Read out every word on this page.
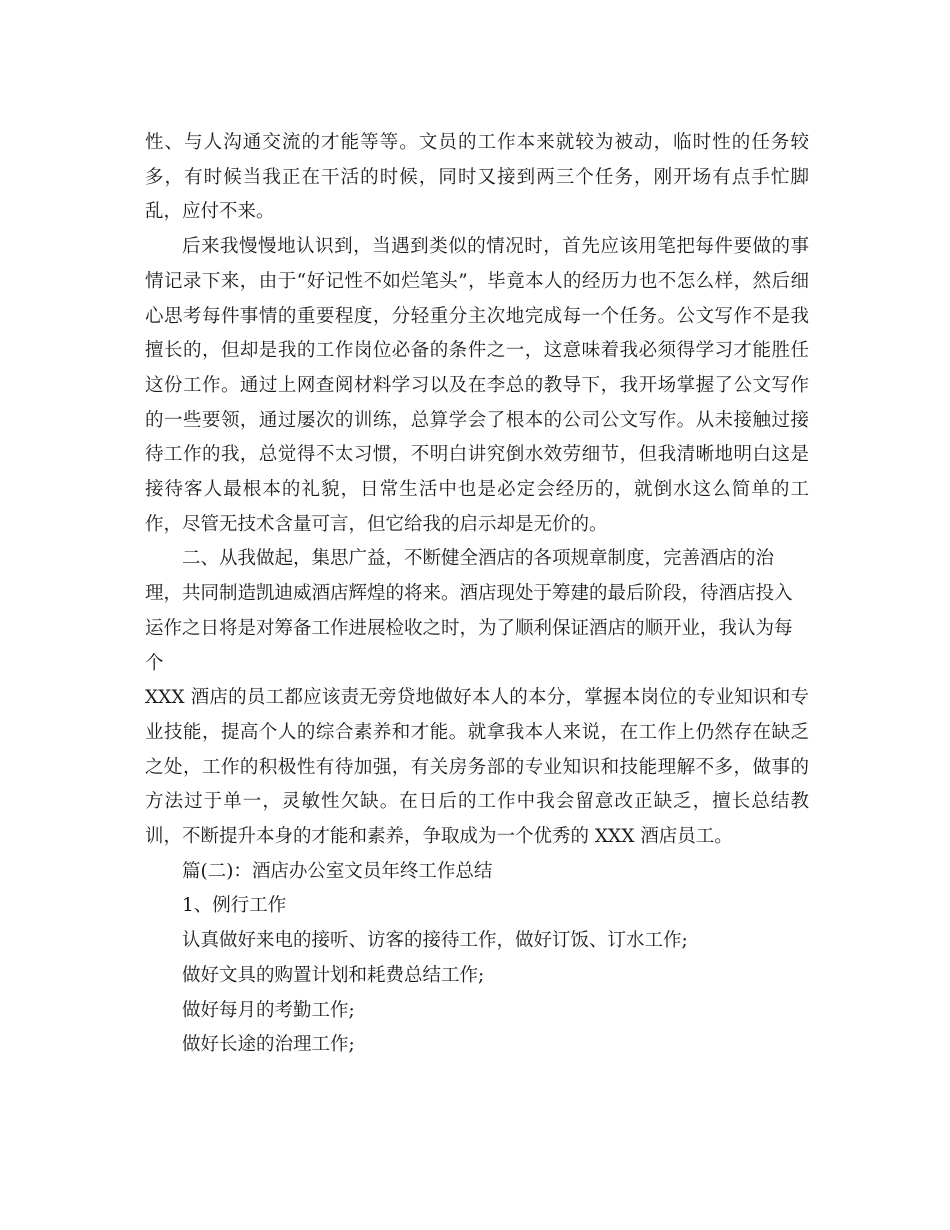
性、与人沟通交流的才能等等。文员的工作本来就较为被动，临时性的任务较多，有时候当我正在干活的时候，同时又接到两三个任务，刚开场有点手忙脚乱，应付不来。

后来我慢慢地认识到，当遇到类似的情况时，首先应该用笔把每件要做的事情记录下来，由于“好记性不如烂笔头”，毕竟本人的经历力也不怎么样，然后细心思考每件事情的重要程度，分轻重分主次地完成每一个任务。公文写作不是我擅长的，但却是我的工作岗位必备的条件之一，这意味着我必须得学习才能胜任这份工作。通过上网查阅材料学习以及在李总的教导下，我开场掌握了公文写作的一些要领，通过屡次的训练，总算学会了根本的公司公文写作。从未接触过接待工作的我，总觉得不太习惯，不明白讲究倒水效劳细节，但我清晰地明白这是接待客人最根本的礼貌，日常生活中也是必定会经历的，就倒水这么简单的工作，尽管无技术含量可言，但它给我的启示却是无价的。

二、从我做起，集思广益，不断健全酒店的各项规章制度，完善酒店的治理，共同制造凯迪威酒店辉煌的将来。酒店现处于筹建的最后阶段，待酒店投入运作之日将是对筹备工作进展检收之时，为了顺利保证酒店的顺开业，我认为每个

XXX 酒店的员工都应该责无旁贷地做好本人的本分，掌握本岗位的专业知识和专业技能，提高个人的综合素养和才能。就拿我本人来说，在工作上仍然存在缺乏之处，工作的积极性有待加强，有关房务部的专业知识和技能理解不多，做事的方法过于单一，灵敏性欠缺。在日后的工作中我会留意改正缺乏，擅长总结教训，不断提升本身的才能和素养，争取成为一个优秀的 XXX 酒店员工。

篇(二)：酒店办公室文员年终工作总结

1、例行工作

认真做好来电的接听、访客的接待工作，做好订饭、订水工作;

做好文具的购置计划和耗费总结工作;

做好每月的考勤工作;

做好长途的治理工作;
